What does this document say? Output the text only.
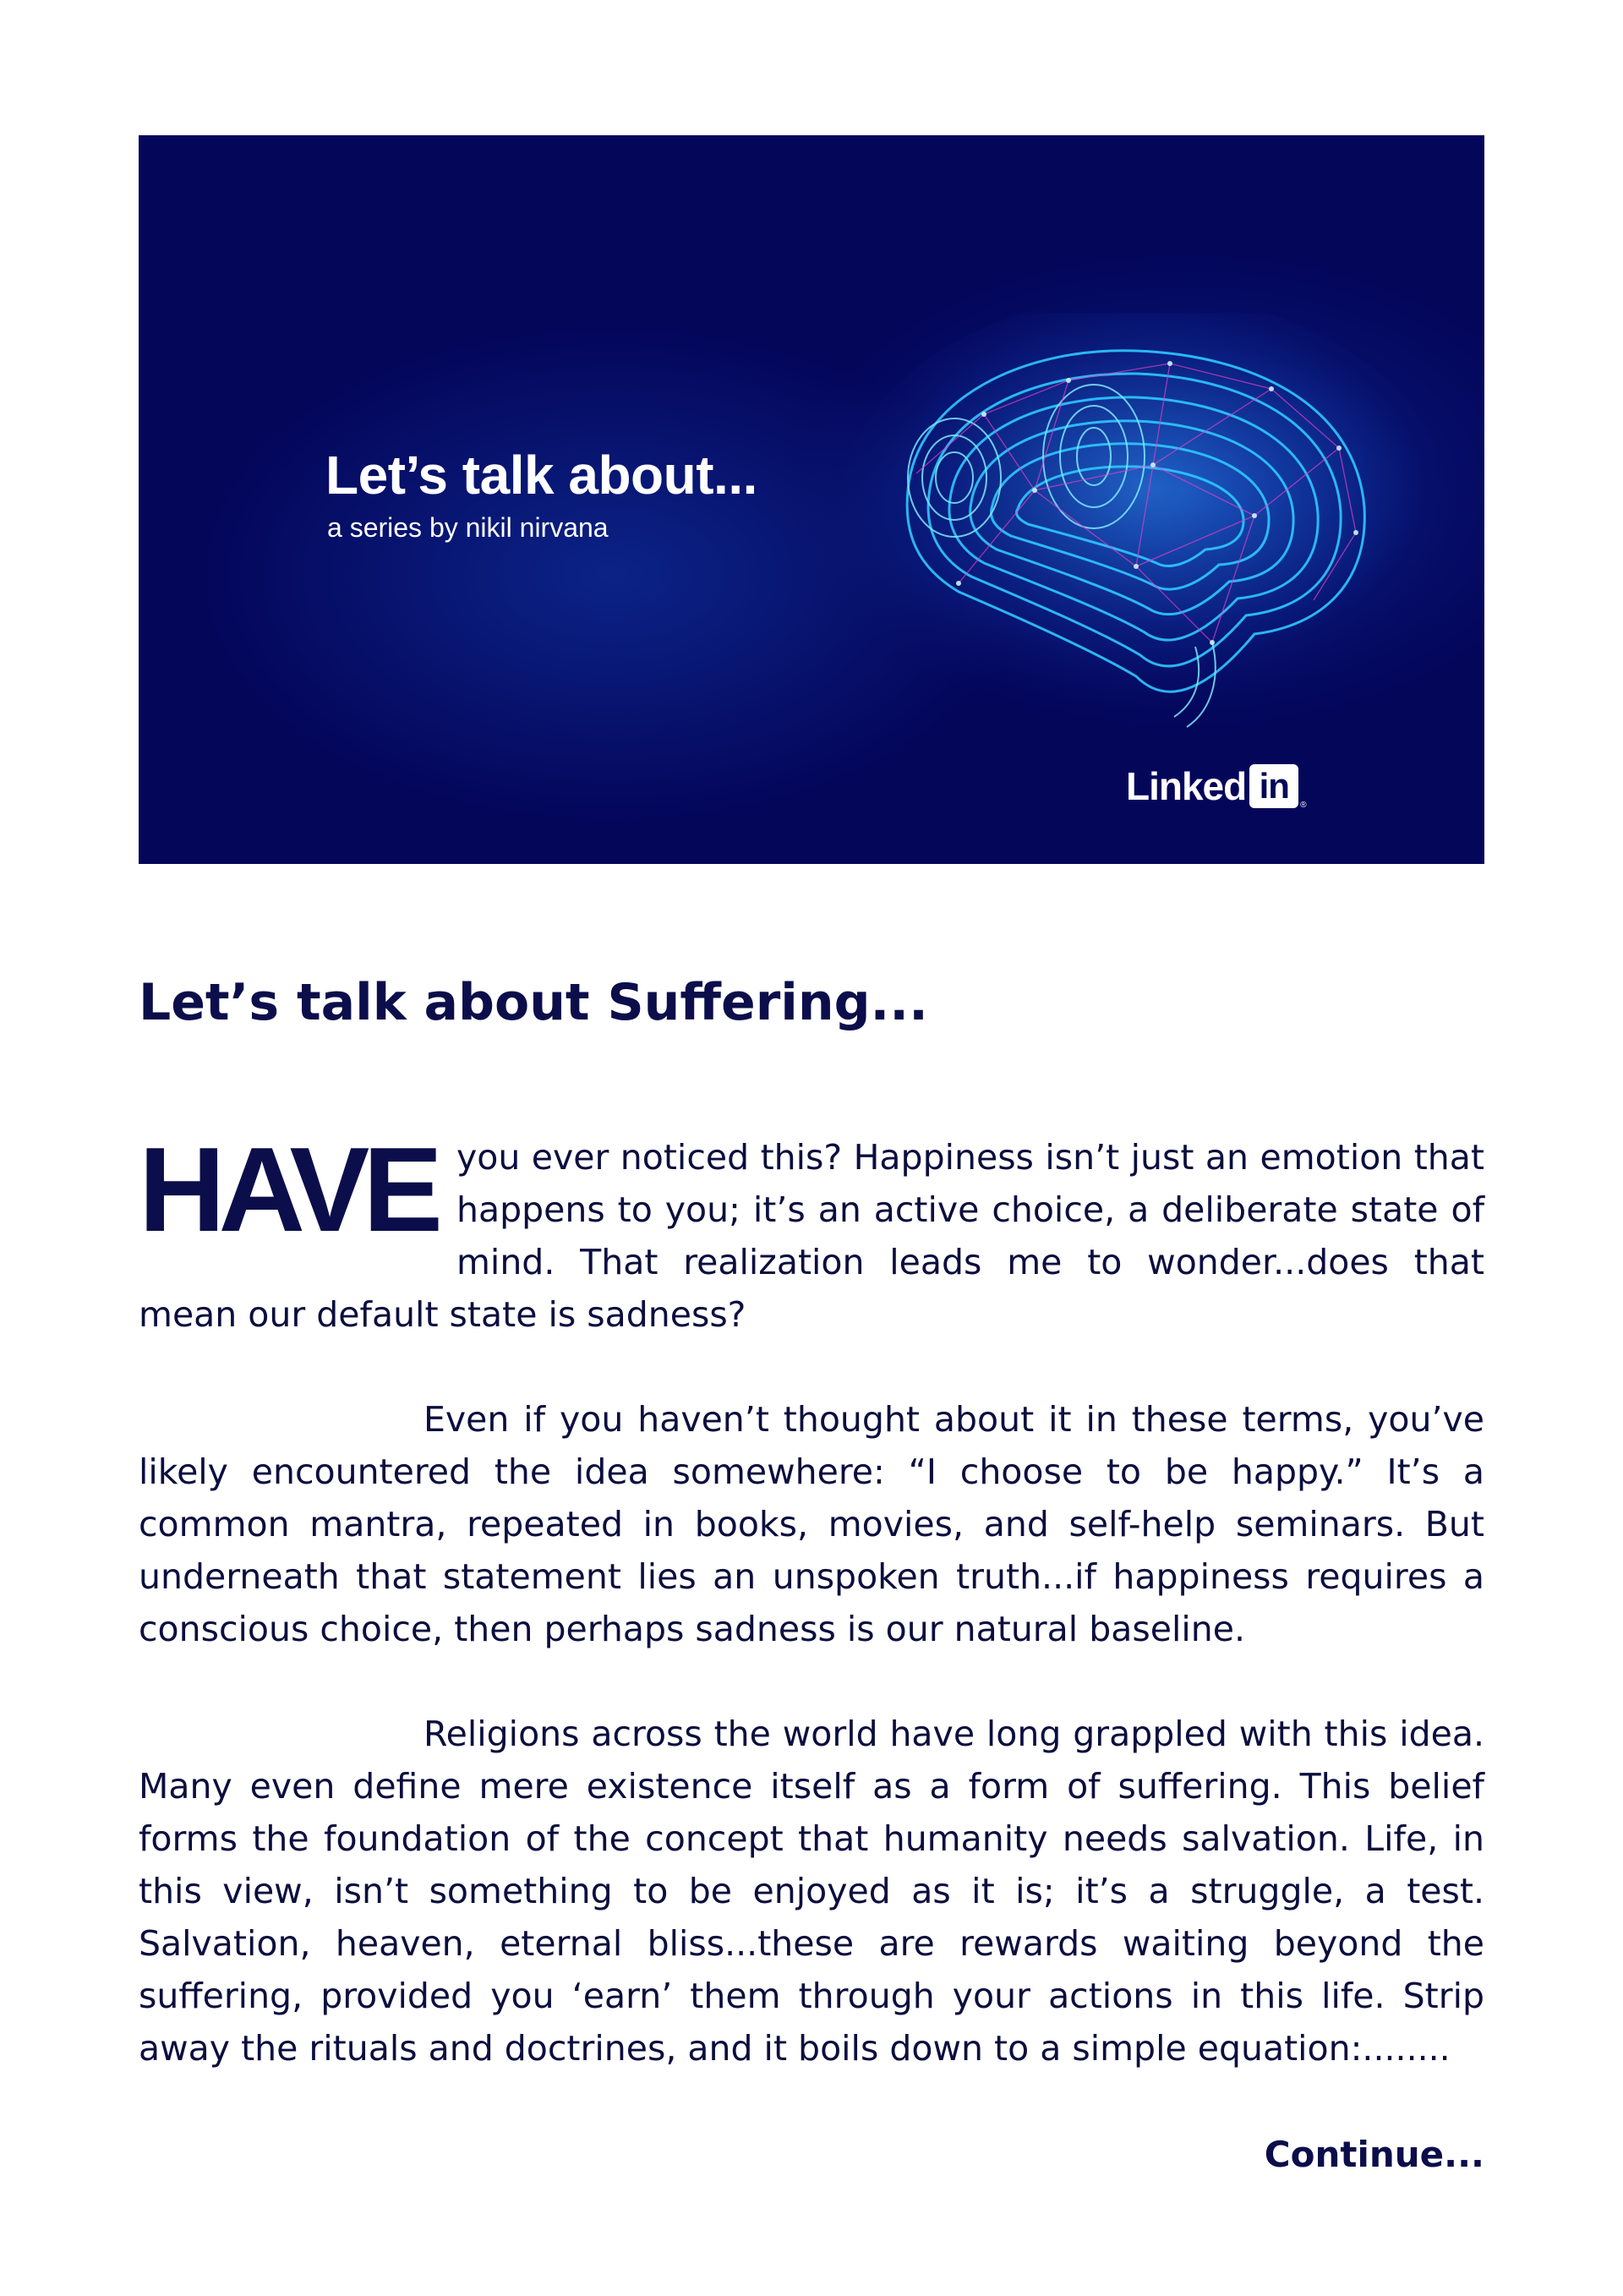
Let’s talk about...
a series by nikil nirvana
Linked in ®
Let’s talk about Suffering...

HAVE you ever noticed this? Happiness isn’t just an emotion that happens to you; it’s an active choice, a deliberate state of mind. That realization leads me to wonder...does that mean our default state is sadness?

Even if you haven’t thought about it in these terms, you’ve likely encountered the idea somewhere: “I choose to be happy.” It’s a common mantra, repeated in books, movies, and self-help seminars. But underneath that statement lies an unspoken truth...if happiness requires a conscious choice, then perhaps sadness is our natural baseline.

Religions across the world have long grappled with this idea. Many even define mere existence itself as a form of suffering. This belief forms the foundation of the concept that humanity needs salvation. Life, in this view, isn’t something to be enjoyed as it is; it’s a struggle, a test. Salvation, heaven, eternal bliss...these are rewards waiting beyond the suffering, provided you ‘earn’ them through your actions in this life. Strip away the rituals and doctrines, and it boils down to a simple equation:........

Continue...
